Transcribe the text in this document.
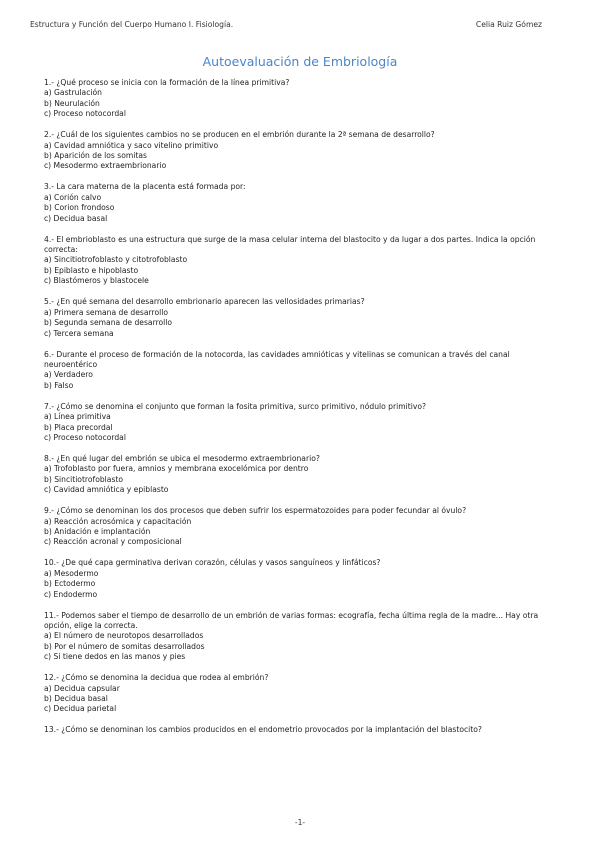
Estructura y Función del Cuerpo Humano I. Fisiología.	Celia Ruiz Gómez
Autoevaluación de Embriología
1.- ¿Qué proceso se inicia con la formación de la línea primitiva?
a) Gastrulación
b) Neurulación
c) Proceso notocordal
2.- ¿Cuál de los siguientes cambios no se producen en el embrión durante la 2ª semana de desarrollo?
a) Cavidad amniótica y saco vitelino primitivo
b) Aparición de los somitas
c) Mesodermo extraembrionario
3.- La cara materna de la placenta está formada por:
a) Corión calvo
b) Corion frondoso
c) Decidua basal
4.- El embrioblasto es una estructura que surge de la masa celular interna del blastocito y da lugar a dos partes. Indica la opción correcta:
a) Sincitiotrofoblasto y citotrofoblasto
b) Epiblasto e hipoblasto
c) Blastómeros y blastocele
5.- ¿En qué semana del desarrollo embrionario aparecen las vellosidades primarias?
a) Primera semana de desarrollo
b) Segunda semana de desarrollo
c) Tercera semana
6.- Durante el proceso de formación de la notocorda, las cavidades amnióticas y vitelinas se comunican a través del canal neuroentérico
a) Verdadero
b) Falso
7.- ¿Cómo se denomina el conjunto que forman la fosita primitiva, surco primitivo, nódulo primitivo?
a) Línea primitiva
b) Placa precordal
c) Proceso notocordal
8.- ¿En qué lugar del embrión se ubica el mesodermo extraembrionario?
a) Trofoblasto por fuera, amnios y membrana exocelómica por dentro
b) Sincitiotrofoblasto
c) Cavidad amniótica y epiblasto
9.- ¿Cómo se denominan los dos procesos que deben sufrir los espermatozoides para poder fecundar al óvulo?
a) Reacción acrosómica y capacitación
b) Anidación e implantación
c) Reacción acronal y composicional
10.- ¿De qué capa germinativa derivan corazón, células y vasos sanguíneos y linfáticos?
a) Mesodermo
b) Ectodermo
c) Endodermo
11.- Podemos saber el tiempo de desarrollo de un embrión de varias formas: ecografía, fecha última regla de la madre... Hay otra opción, elige la correcta.
a) El número de neurotopos desarrollados
b) Por el número de somitas desarrollados
c) Si tiene dedos en las manos y pies
12.- ¿Cómo se denomina la decidua que rodea al embrión?
a) Decidua capsular
b) Decidua basal
c) Decidua parietal
13.- ¿Cómo se denominan los cambios producidos en el endometrio provocados por la implantación del blastocito?
-1-
